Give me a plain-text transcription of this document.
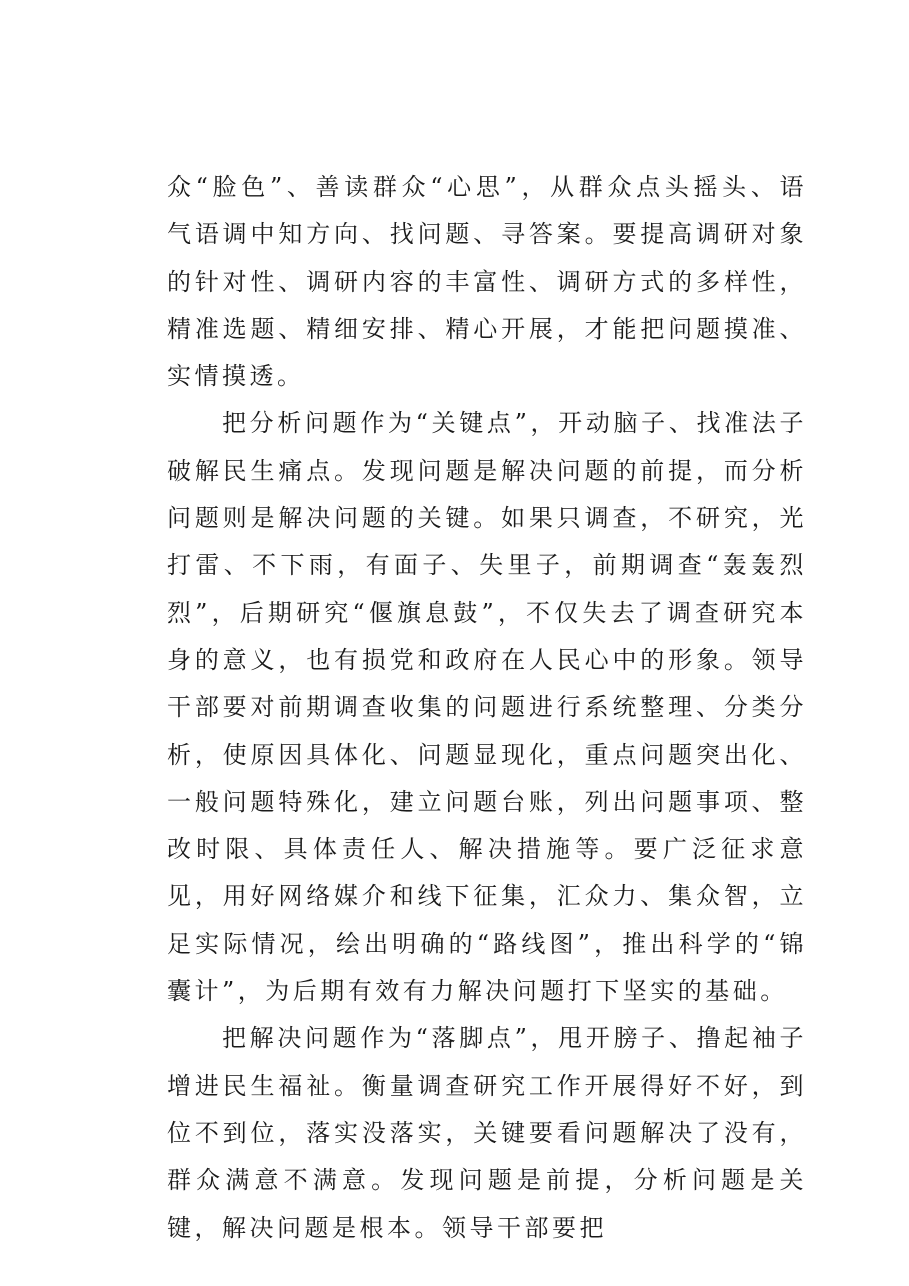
众“脸色”、善读群众“心思”，从群众点头摇头、语气语调中知方向、找问题、寻答案。要提高调研对象的针对性、调研内容的丰富性、调研方式的多样性，精准选题、精细安排、精心开展，才能把问题摸准、实情摸透。

把分析问题作为“关键点”，开动脑子、找准法子破解民生痛点。发现问题是解决问题的前提，而分析问题则是解决问题的关键。如果只调查，不研究，光打雷、不下雨，有面子、失里子，前期调查“轰轰烈烈”，后期研究“偃旗息鼓”，不仅失去了调查研究本身的意义，也有损党和政府在人民心中的形象。领导干部要对前期调查收集的问题进行系统整理、分类分析，使原因具体化、问题显现化，重点问题突出化、一般问题特殊化，建立问题台账，列出问题事项、整改时限、具体责任人、解决措施等。要广泛征求意见，用好网络媒介和线下征集，汇众力、集众智，立足实际情况，绘出明确的“路线图”，推出科学的“锦囊计”，为后期有效有力解决问题打下坚实的基础。

把解决问题作为“落脚点”，甩开膀子、撸起袖子增进民生福祉。衡量调查研究工作开展得好不好，到位不到位，落实没落实，关键要看问题解决了没有，群众满意不满意。发现问题是前提，分析问题是关键，解决问题是根本。领导干部要把
